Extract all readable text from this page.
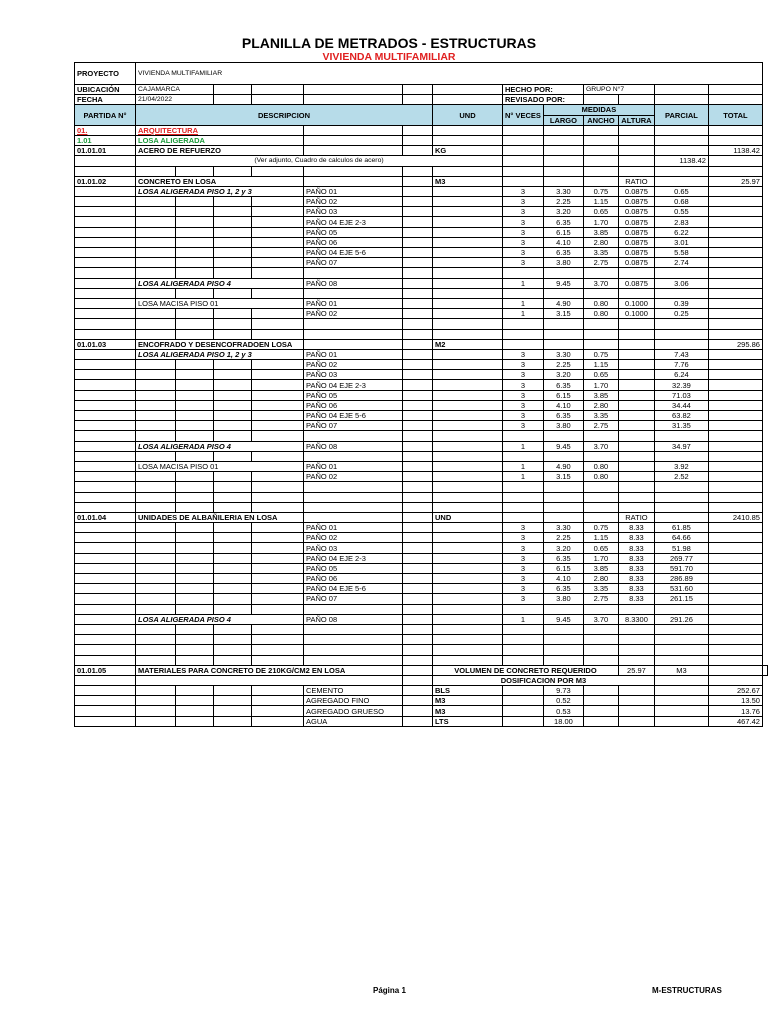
PLANILLA DE METRADOS - ESTRUCTURAS
VIVIENDA MULTIFAMILIAR
PROYECTO	VIVIENDA MULTIFAMILIAR													
UBICACIÓN	CAJAMARCA							HECHO POR:		GRUPO N°7				
FECHA	21/04/2022							REVISADO POR:						
PARTIDA N°	DESCRIPCION						UND	N° VECES	MEDIDAS			PARCIAL	TOTAL	
									LARGO	ANCHO	ALTURA			
01.	ARQUITECTURA													
1.01	LOSA ALIGERADA													
01.01.01	ACERO DE REFUERZO						KG						1138.42	
	(Ver adjunto, Cuadro de calculos de acero)											1138.42		

01.01.02	CONCRETO EN LOSA						M3				RATIO		25.97	
	LOSA ALIGERADA PISO 1, 2 y 3				PAÑO 01			3	3.30	0.75	0.0875	0.65		
					PAÑO 02			3	2.25	1.15	0.0875	0.68		
					PAÑO 03			3	3.20	0.65	0.0875	0.55		
					PAÑO 04 EJE 2-3			3	6.35	1.70	0.0875	2.83		
					PAÑO 05			3	6.15	3.85	0.0875	6.22		
					PAÑO 06			3	4.10	2.80	0.0875	3.01		
					PAÑO 04 EJE 5-6			3	6.35	3.35	0.0875	5.58		
					PAÑO 07			3	3.80	2.75	0.0875	2.74		

	LOSA ALIGERADA PISO 4				PAÑO 08			1	9.45	3.70	0.0875	3.06		

	LOSA MACISA PISO 01				PAÑO 01			1	4.90	0.80	0.1000	0.39		
					PAÑO 02			1	3.15	0.80	0.1000	0.25		

01.01.03	ENCOFRADO Y DESENCOFRADOEN LOSA						M2						295.86	
	LOSA ALIGERADA PISO 1, 2 y 3				PAÑO 01			3	3.30	0.75		7.43		
					PAÑO 02			3	2.25	1.15		7.76		
					PAÑO 03			3	3.20	0.65		6.24		
					PAÑO 04 EJE 2-3			3	6.35	1.70		32.39		
					PAÑO 05			3	6.15	3.85		71.03		
					PAÑO 06			3	4.10	2.80		34.44		
					PAÑO 04 EJE 5-6			3	6.35	3.35		63.82		
					PAÑO 07			3	3.80	2.75		31.35		

	LOSA ALIGERADA PISO 4				PAÑO 08			1	9.45	3.70		34.97		

	LOSA MACISA PISO 01				PAÑO 01			1	4.90	0.80		3.92		
					PAÑO 02			1	3.15	0.80		2.52		

01.01.04	UNIDADES DE ALBAÑILERIA EN LOSA						UND				RATIO		2410.85	
					PAÑO 01			3	3.30	0.75	8.33	61.85		
					PAÑO 02			3	2.25	1.15	8.33	64.66		
					PAÑO 03			3	3.20	0.65	8.33	51.98		
					PAÑO 04 EJE 2-3			3	6.35	1.70	8.33	269.77		
					PAÑO 05			3	6.15	3.85	8.33	591.70		
					PAÑO 06			3	4.10	2.80	8.33	286.89		
					PAÑO 04 EJE 5-6			3	6.35	3.35	8.33	531.60		
					PAÑO 07			3	3.80	2.75	8.33	261.15		

	LOSA ALIGERADA PISO 4				PAÑO 08			1	9.45	3.70	8.3300	291.26		

01.01.05	MATERIALES PARA CONCRETO DE 210KG/CM2 EN LOSA						VOLUMEN DE CONCRETO REQUERIDO				25.97	M3		
							DOSIFICACION POR M3							
					CEMENTO		BLS		9.73				252.67	
					AGREGADO FINO		M3		0.52				13.50	
					AGREGADO GRUESO		M3		0.53				13.76	
					AGUA		LTS		18.00				467.42	
Página 1	M-ESTRUCTURAS
